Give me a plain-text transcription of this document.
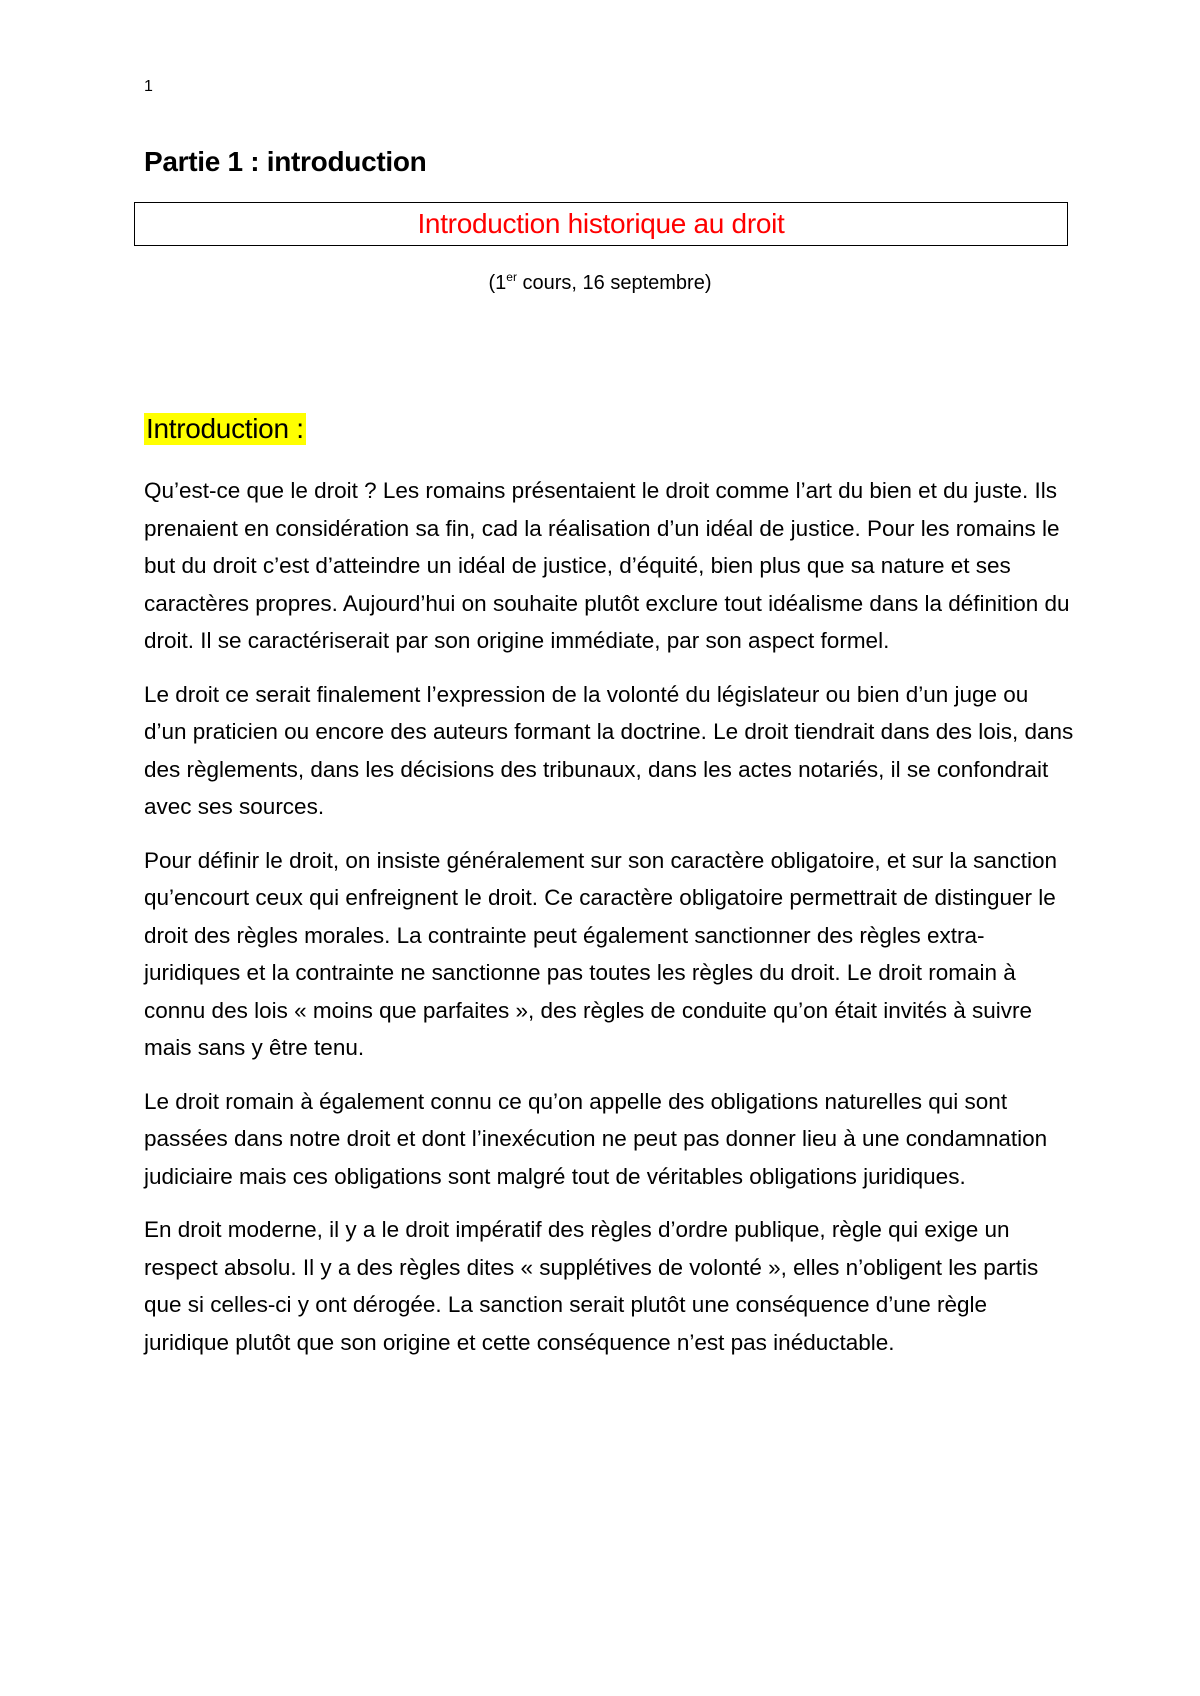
1
Partie 1 : introduction
Introduction historique au droit
(1er cours, 16 septembre)
Introduction :

Qu’est-ce que le droit ? Les romains présentaient le droit comme l’art du bien et du juste. Ils prenaient en considération sa fin, cad la réalisation d’un idéal de justice. Pour les romains le but du droit c’est d’atteindre un idéal de justice, d’équité, bien plus que sa nature et ses caractères propres. Aujourd’hui on souhaite plutôt exclure tout idéalisme dans la définition du droit. Il se caractériserait par son origine immédiate, par son aspect formel.

Le droit ce serait finalement l’expression de la volonté du législateur ou bien d’un juge ou d’un praticien ou encore des auteurs formant la doctrine. Le droit tiendrait dans des lois, dans des règlements, dans les décisions des tribunaux, dans les actes notariés, il se confondrait avec ses sources.

Pour définir le droit, on insiste généralement sur son caractère obligatoire, et sur la sanction qu’encourt ceux qui enfreignent le droit. Ce caractère obligatoire permettrait de distinguer le droit des règles morales. La contrainte peut également sanctionner des règles extra-juridiques et la contrainte ne sanctionne pas toutes les règles du droit. Le droit romain à connu des lois « moins que parfaites », des règles de conduite qu’on était invités à suivre mais sans y être tenu.

Le droit romain à également connu ce qu’on appelle des obligations naturelles qui sont passées dans notre droit et dont l’inexécution ne peut pas donner lieu à une condamnation judiciaire mais ces obligations sont malgré tout de véritables obligations juridiques.

En droit moderne, il y a le droit impératif des règles d’ordre publique, règle qui exige un respect absolu. Il y a des règles dites « supplétives de volonté », elles n’obligent les partis que si celles-ci y ont dérogée. La sanction serait plutôt une conséquence d’une règle juridique plutôt que son origine et cette conséquence n’est pas inéductable.
